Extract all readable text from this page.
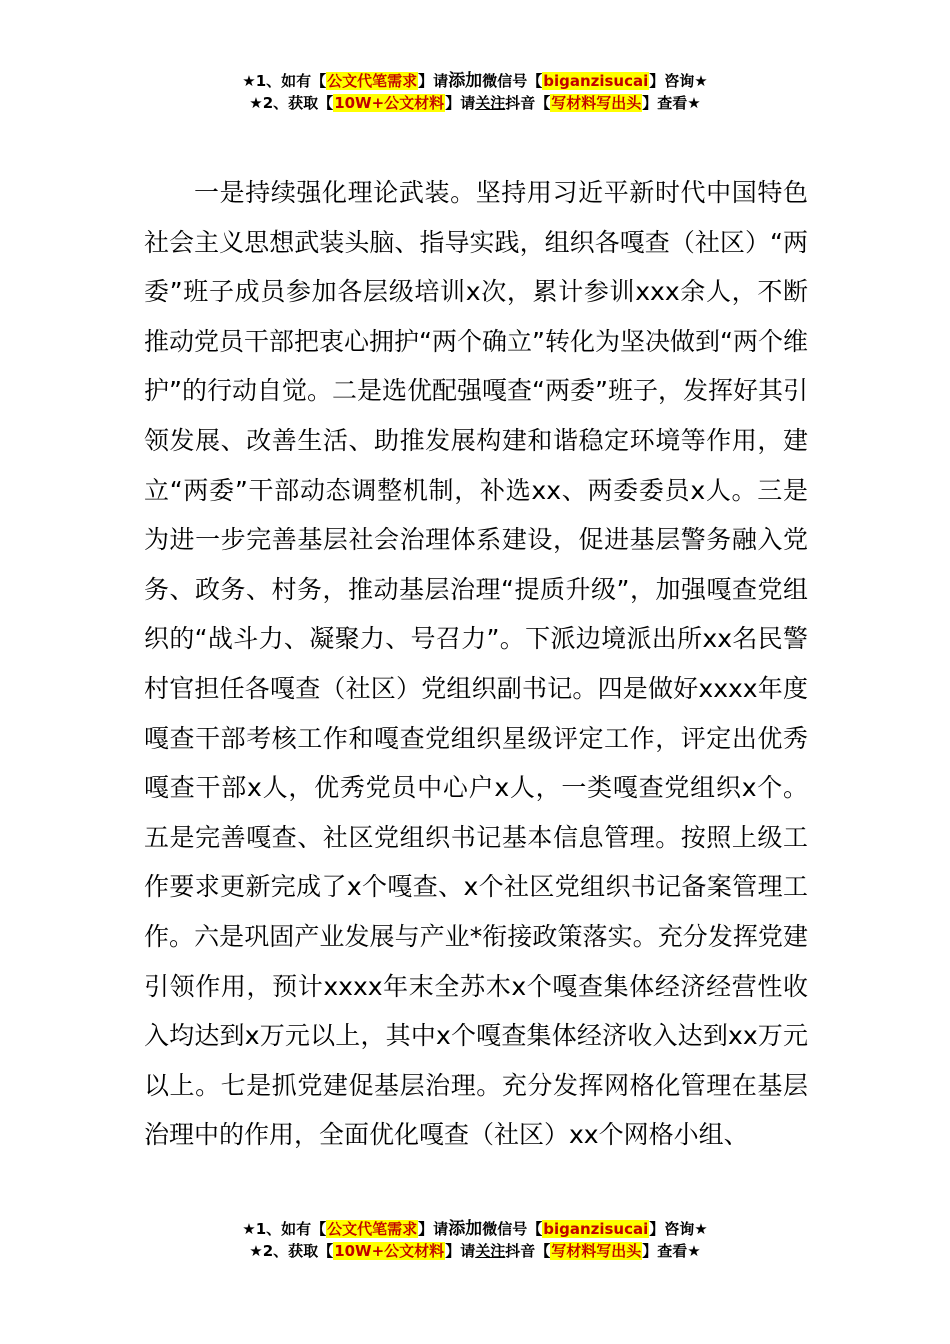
★1、如有【公文代笔需求】请添加微信号【biganzisucai】咨询★
★2、获取【10W+公文材料】请关注抖音【写材料写出头】查看★

一是持续强化理论武装。坚持用习近平新时代中国特色社会主义思想武装头脑、指导实践，组织各嘎查（社区）“两委”班子成员参加各层级培训x次，累计参训xxx余人，不断推动党员干部把衷心拥护“两个确立”转化为坚决做到“两个维护”的行动自觉。二是选优配强嘎查“两委”班子，发挥好其引领发展、改善生活、助推发展构建和谐稳定环境等作用，建立“两委”干部动态调整机制，补选xx、两委委员x人。三是为进一步完善基层社会治理体系建设，促进基层警务融入党务、政务、村务，推动基层治理“提质升级”，加强嘎查党组织的“战斗力、凝聚力、号召力”。下派边境派出所xx名民警村官担任各嘎查（社区）党组织副书记。四是做好xxxx年度嘎查干部考核工作和嘎查党组织星级评定工作，评定出优秀嘎查干部x人，优秀党员中心户x人，一类嘎查党组织x个。五是完善嘎查、社区党组织书记基本信息管理。按照上级工作要求更新完成了x个嘎查、x个社区党组织书记备案管理工作。六是巩固产业发展与产业*衔接政策落实。充分发挥党建引领作用，预计xxxx年末全苏木x个嘎查集体经济经营性收入均达到x万元以上，其中x个嘎查集体经济收入达到xx万元以上。七是抓党建促基层治理。充分发挥网格化管理在基层治理中的作用，全面优化嘎查（社区）xx个网格小组、

★1、如有【公文代笔需求】请添加微信号【biganzisucai】咨询★
★2、获取【10W+公文材料】请关注抖音【写材料写出头】查看★
